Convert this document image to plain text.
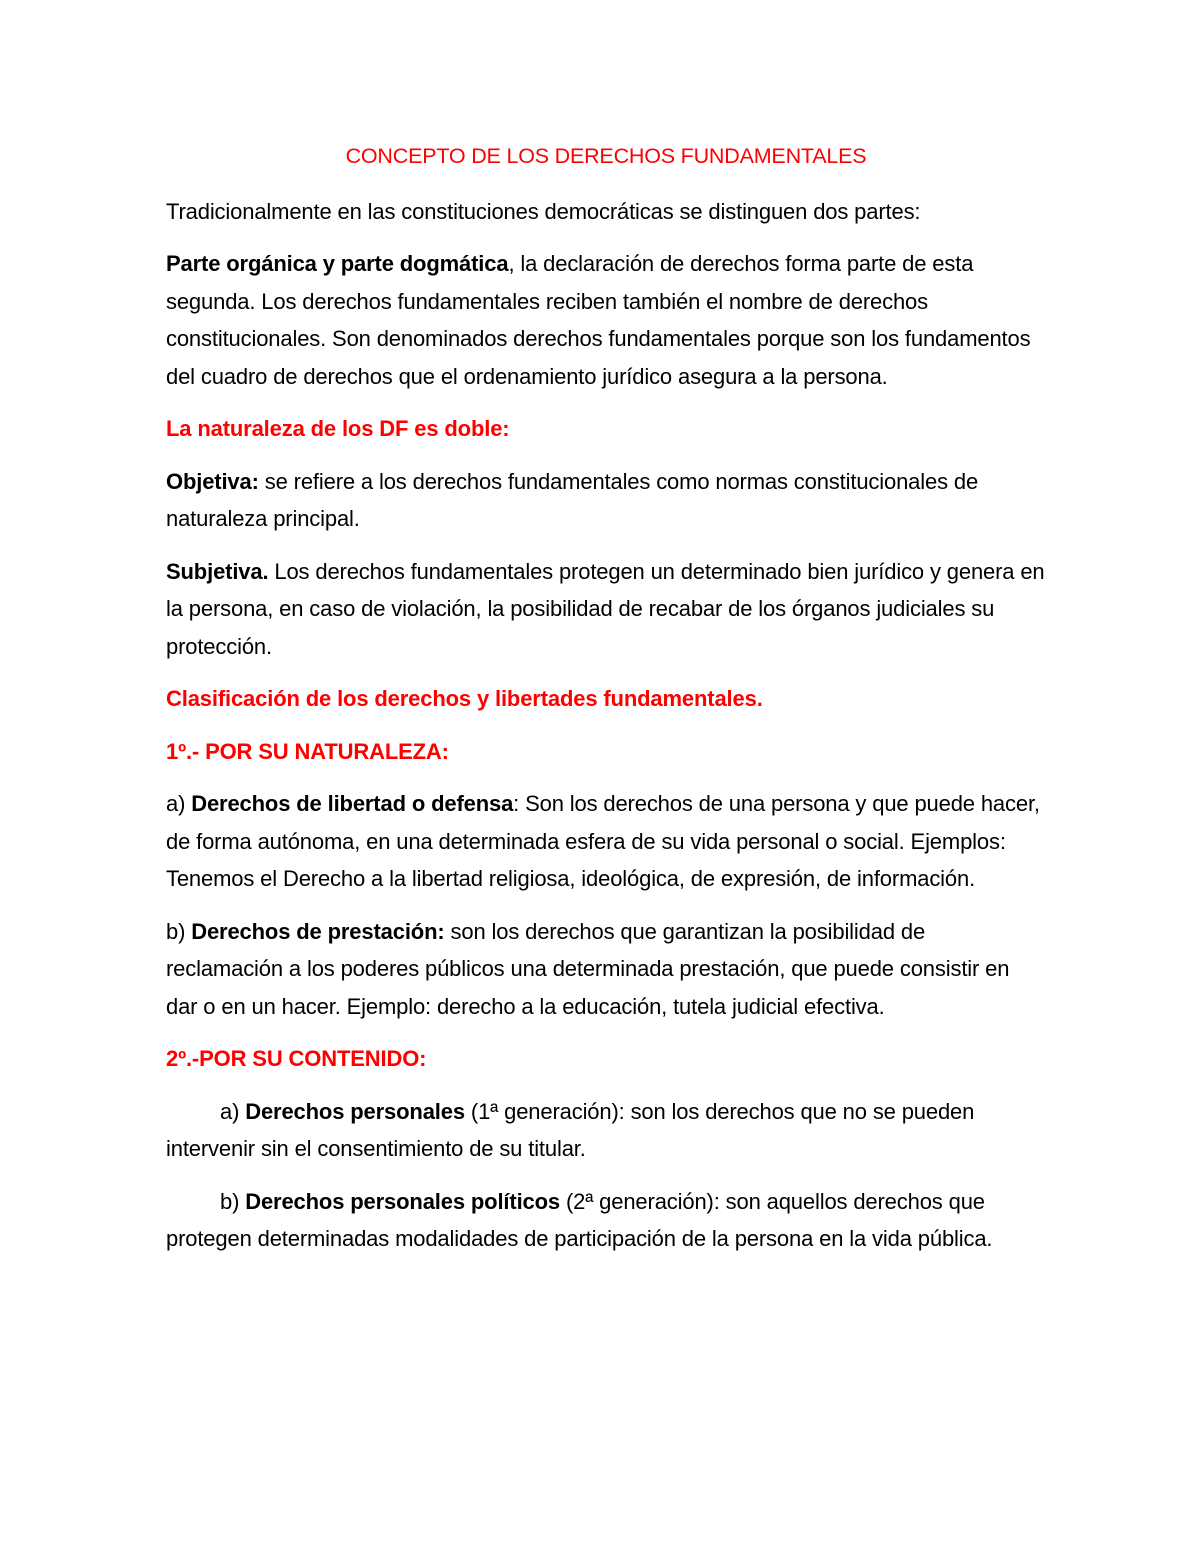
CONCEPTO DE LOS DERECHOS FUNDAMENTALES

Tradicionalmente en las constituciones democráticas se distinguen dos partes:

Parte orgánica y parte dogmática, la declaración de derechos forma parte de esta segunda. Los derechos fundamentales reciben también el nombre de derechos constitucionales. Son denominados derechos fundamentales porque son los fundamentos del cuadro de derechos que el ordenamiento jurídico asegura a la persona.

La naturaleza de los DF es doble:

Objetiva: se refiere a los derechos fundamentales como normas constitucionales de naturaleza principal.

Subjetiva. Los derechos fundamentales protegen un determinado bien jurídico y genera en la persona, en caso de violación, la posibilidad de recabar de los órganos judiciales su protección.

Clasificación de los derechos y libertades fundamentales.

1º.- POR SU NATURALEZA:

a) Derechos de libertad o defensa: Son los derechos de una persona y que puede hacer, de forma autónoma, en una determinada esfera de su vida personal o social. Ejemplos: Tenemos el Derecho a la libertad religiosa, ideológica, de expresión, de información.

b) Derechos de prestación: son los derechos que garantizan la posibilidad de reclamación a los poderes públicos una determinada prestación, que puede consistir en dar o en un hacer. Ejemplo: derecho a la educación, tutela judicial efectiva.

2º.-POR SU CONTENIDO:

a) Derechos personales (1ª generación): son los derechos que no se pueden intervenir sin el consentimiento de su titular.

b) Derechos personales políticos (2ª generación): son aquellos derechos que protegen determinadas modalidades de participación de la persona en la vida pública.
